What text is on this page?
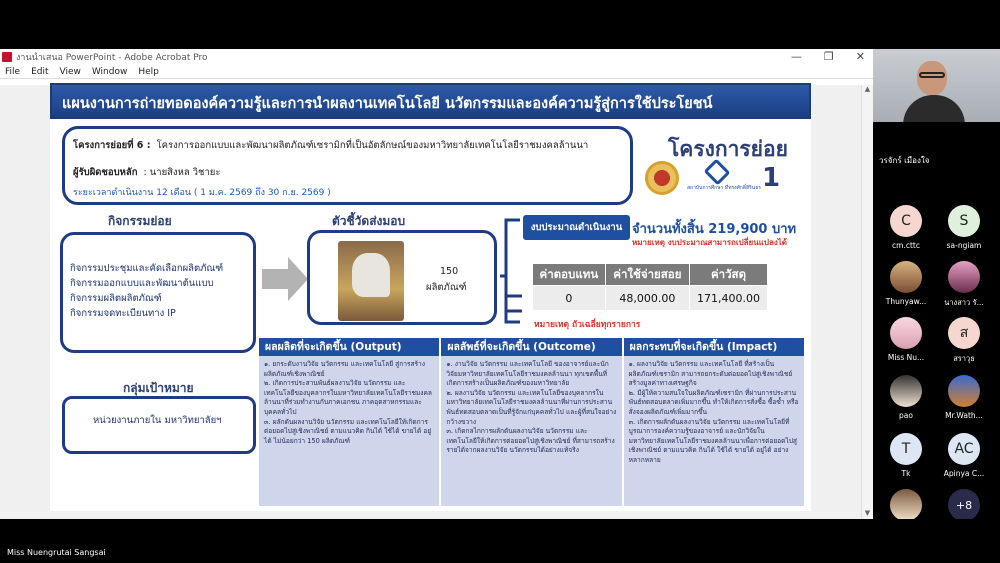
งานนำเสนอ PowerPoint - Adobe Acrobat Pro	— ❐ ✕
File Edit View Window Help
▲
▼
แผนงานการถ่ายทอดองค์ความรู้และการนำผลงานเทคโนโลยี นวัตกรรมและองค์ความรู้สู่การใช้ประโยชน์
โครงการย่อยที่ 6 : โครงการออกแบบและพัฒนาผลิตภัณฑ์เซรามิกที่เป็นอัตลักษณ์ของมหาวิทยาลัยเทคโนโลยีราชมงคลล้านนา
ผู้รับผิดชอบหลัก : นายสิงหล วิชายะ
ระยะเวลาดำเนินงาน 12 เดือน ( 1 ม.ค. 2569 ถึง 30 ก.ย. 2569 )
โครงการย่อย
1
สถาบันการศึกษา ที่ทรงศักดิ์สิรินธร
กิจกรรมย่อย
กิจกรรมประชุมและคัดเลือกผลิตภัณฑ์
กิจกรรมออกแบบและพัฒนาต้นแบบ
กิจกรรมผลิตผลิตภัณฑ์
กิจกรรมจดทะเบียนทาง IP
ตัวชี้วัดส่งมอบ
150
ผลิตภัณฑ์
งบประมาณดำเนินงาน จำนวนทั้งสิ้น 219,900 บาท
หมายเหตุ งบประมาณสามารถเปลี่ยนแปลงได้
ค่าตอบแทน	ค่าใช้จ่ายสอย	ค่าวัสดุ
0	48,000.00	171,400.00
หมายเหตุ ถัวเฉลี่ยทุกรายการ
กลุ่มเป้าหมาย
หน่วยงานภายใน มหาวิทยาลัยฯ
ผลผลิตที่จะเกิดขึ้น (Output)
๑. ยกระดับงานวิจัย นวัตกรรม และเทคโนโลยี สู่การสร้างผลิตภัณฑ์เชิงพาณิชย์
๒. เกิดการประสานพันธ์ผลงานวิจัย นวัตกรรม และเทคโนโลยีของบุคลากรในมหาวิทยาลัยเทคโนโลยีราชมงคลล้านนาที่ร่วมทำงานกับภาคเอกชน ภาคอุตสาหกรรมและบุคคลทั่วไป
๓. ผลักดันผลงานวิจัย นวัตกรรม และเทคโนโลยีให้เกิดการต่อยอดไปสู่เชิงพาณิชย์ ตามแนวคิด กินได้ ใช้ได้ ขายได้ อยู่ได้ ไม่น้อยกว่า 150 ผลิตภัณฑ์
ผลลัพธ์ที่จะเกิดขึ้น (Outcome)
๑. งานวิจัย นวัตกรรม และเทคโนโลยี ของอาจารย์และนักวิจัยมหาวิทยาลัยเทคโนโลยีราชมงคลล้านนา ทุกเขตพื้นที่ เกิดการสร้างเป็นผลิตภัณฑ์ของมหาวิทยาลัย
๒. ผลงานวิจัย นวัตกรรม และเทคโนโลยีของบุคลากรในมหาวิทยาลัยเทคโนโลยีราชมงคลล้านนาที่ผ่านการประสานพันธ์ทดสอบตลาดเป็นที่รู้จักแก่บุคคลทั่วไป และผู้ที่สนใจอย่างกว้างขวาง
๓. เกิดกลไกการผลักดันผลงานวิจัย นวัตกรรม และเทคโนโลยีให้เกิดการต่อยอดไปสู่เชิงพาณิชย์ ที่สามารถสร้างรายได้จากผลงานวิจัย นวัตกรรมได้อย่างแท้จริง
ผลกระทบที่จะเกิดขึ้น (Impact)
๑. ผลงานวิจัย นวัตกรรม และเทคโนโลยี ที่สร้างเป็นผลิตภัณฑ์เซรามิก สามารถยกระดับต่อยอดไปสู่เชิงพาณิชย์ สร้างมูลค่าทางเศรษฐกิจ
๒. มีผู้ให้ความสนใจในผลิตภัณฑ์เซรามิก ที่ผ่านการประสานพันธ์ทดสอบตลาดเพิ่มมากขึ้น ทำให้เกิดการสั่งซื้อ ซื้อซ้ำ หรือสั่งจองผลิตภัณฑ์เพิ่มมากขึ้น
๓. เกิดการผลักดันผลงานวิจัย นวัตกรรม และเทคโนโลยีที่บูรณาการองค์ความรู้ของอาจารย์ และนักวิจัยในมหาวิทยาลัยเทคโนโลยีราชมงคลล้านนาเพื่อการต่อยอดไปสู่เชิงพาณิชย์ ตามแนวคิด กินได้ ใช้ได้ ขายได้ อยู่ได้ อย่างหลากหลาย
วรจักร์ เมืองใจ
C
cm.cttc
S
sa-ngiam
Thunyaw...	นางสาว รั...
Miss Nu...
ส
สราวุธ
pao	Mr.Wath...
T
Tk
AC
Apinya C...
+8
Miss Nuengrutai Sangsai
